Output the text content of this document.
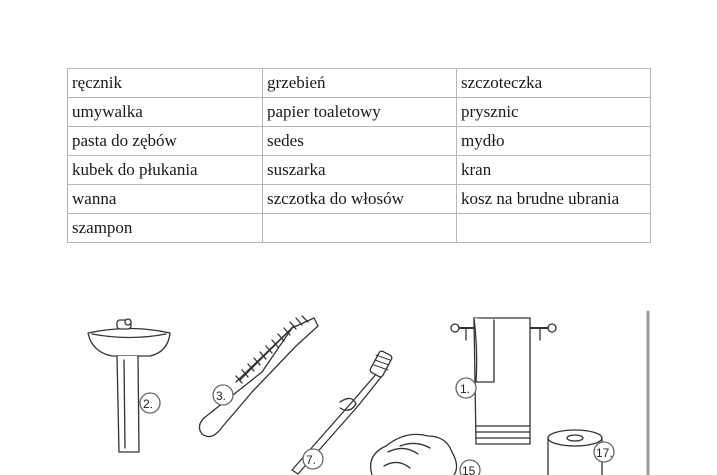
ręcznik	grzebień	szczoteczka
umywalka	papier toaletowy	prysznic
pasta do zębów	sedes	mydło
kubek do płukania	suszarka	kran
wanna	szczotka do włosów	kosz na brudne ubrania
szampon		
2.
3.
7.
15
1.
17.
